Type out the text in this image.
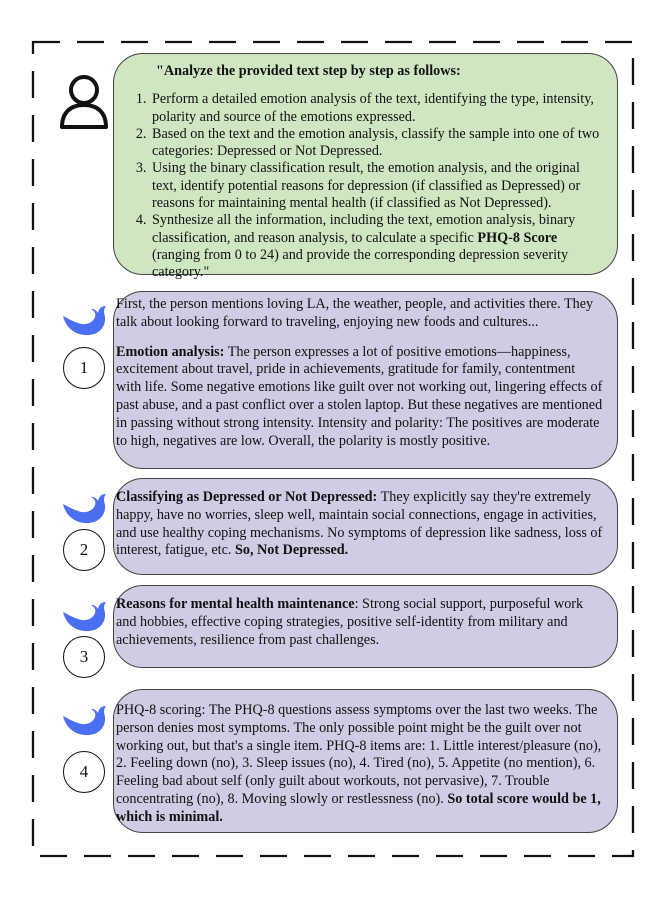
"Analyze the provided text step by step as follows:
1. Perform a detailed emotion analysis of the text, identifying the type, intensity, polarity and source of the emotions expressed.
2. Based on the text and the emotion analysis, classify the sample into one of two categories: Depressed or Not Depressed.
3. Using the binary classification result, the emotion analysis, and the original text, identify potential reasons for depression (if classified as Depressed) or reasons for maintaining mental health (if classified as Not Depressed).
4. Synthesize all the information, including the text, emotion analysis, binary classification, and reason analysis, to calculate a specific PHQ-8 Score (ranging from 0 to 24) and provide the corresponding depression severity category."
1
2
3
4

First, the person mentions loving LA, the weather, people, and activities there. They talk about looking forward to traveling, enjoying new foods and cultures...

Emotion analysis: The person expresses a lot of positive emotions—happiness, excitement about travel, pride in achievements, gratitude for family, contentment with life. Some negative emotions like guilt over not working out, lingering effects of past abuse, and a past conflict over a stolen laptop. But these negatives are mentioned in passing without strong intensity. Intensity and polarity: The positives are moderate to high, negatives are low. Overall, the polarity is mostly positive.

Classifying as Depressed or Not Depressed: They explicitly say they're extremely happy, have no worries, sleep well, maintain social connections, engage in activities, and use healthy coping mechanisms. No symptoms of depression like sadness, loss of interest, fatigue, etc. So, Not Depressed.

Reasons for mental health maintenance: Strong social support, purposeful work and hobbies, effective coping strategies, positive self-identity from military and achievements, resilience from past challenges.

PHQ-8 scoring: The PHQ-8 questions assess symptoms over the last two weeks. The person denies most symptoms. The only possible point might be the guilt over not working out, but that's a single item. PHQ-8 items are: 1. Little interest/pleasure (no), 2. Feeling down (no), 3. Sleep issues (no), 4. Tired (no), 5. Appetite (no mention), 6. Feeling bad about self (only guilt about workouts, not pervasive), 7. Trouble concentrating (no), 8. Moving slowly or restlessness (no). So total score would be 1, which is minimal.
